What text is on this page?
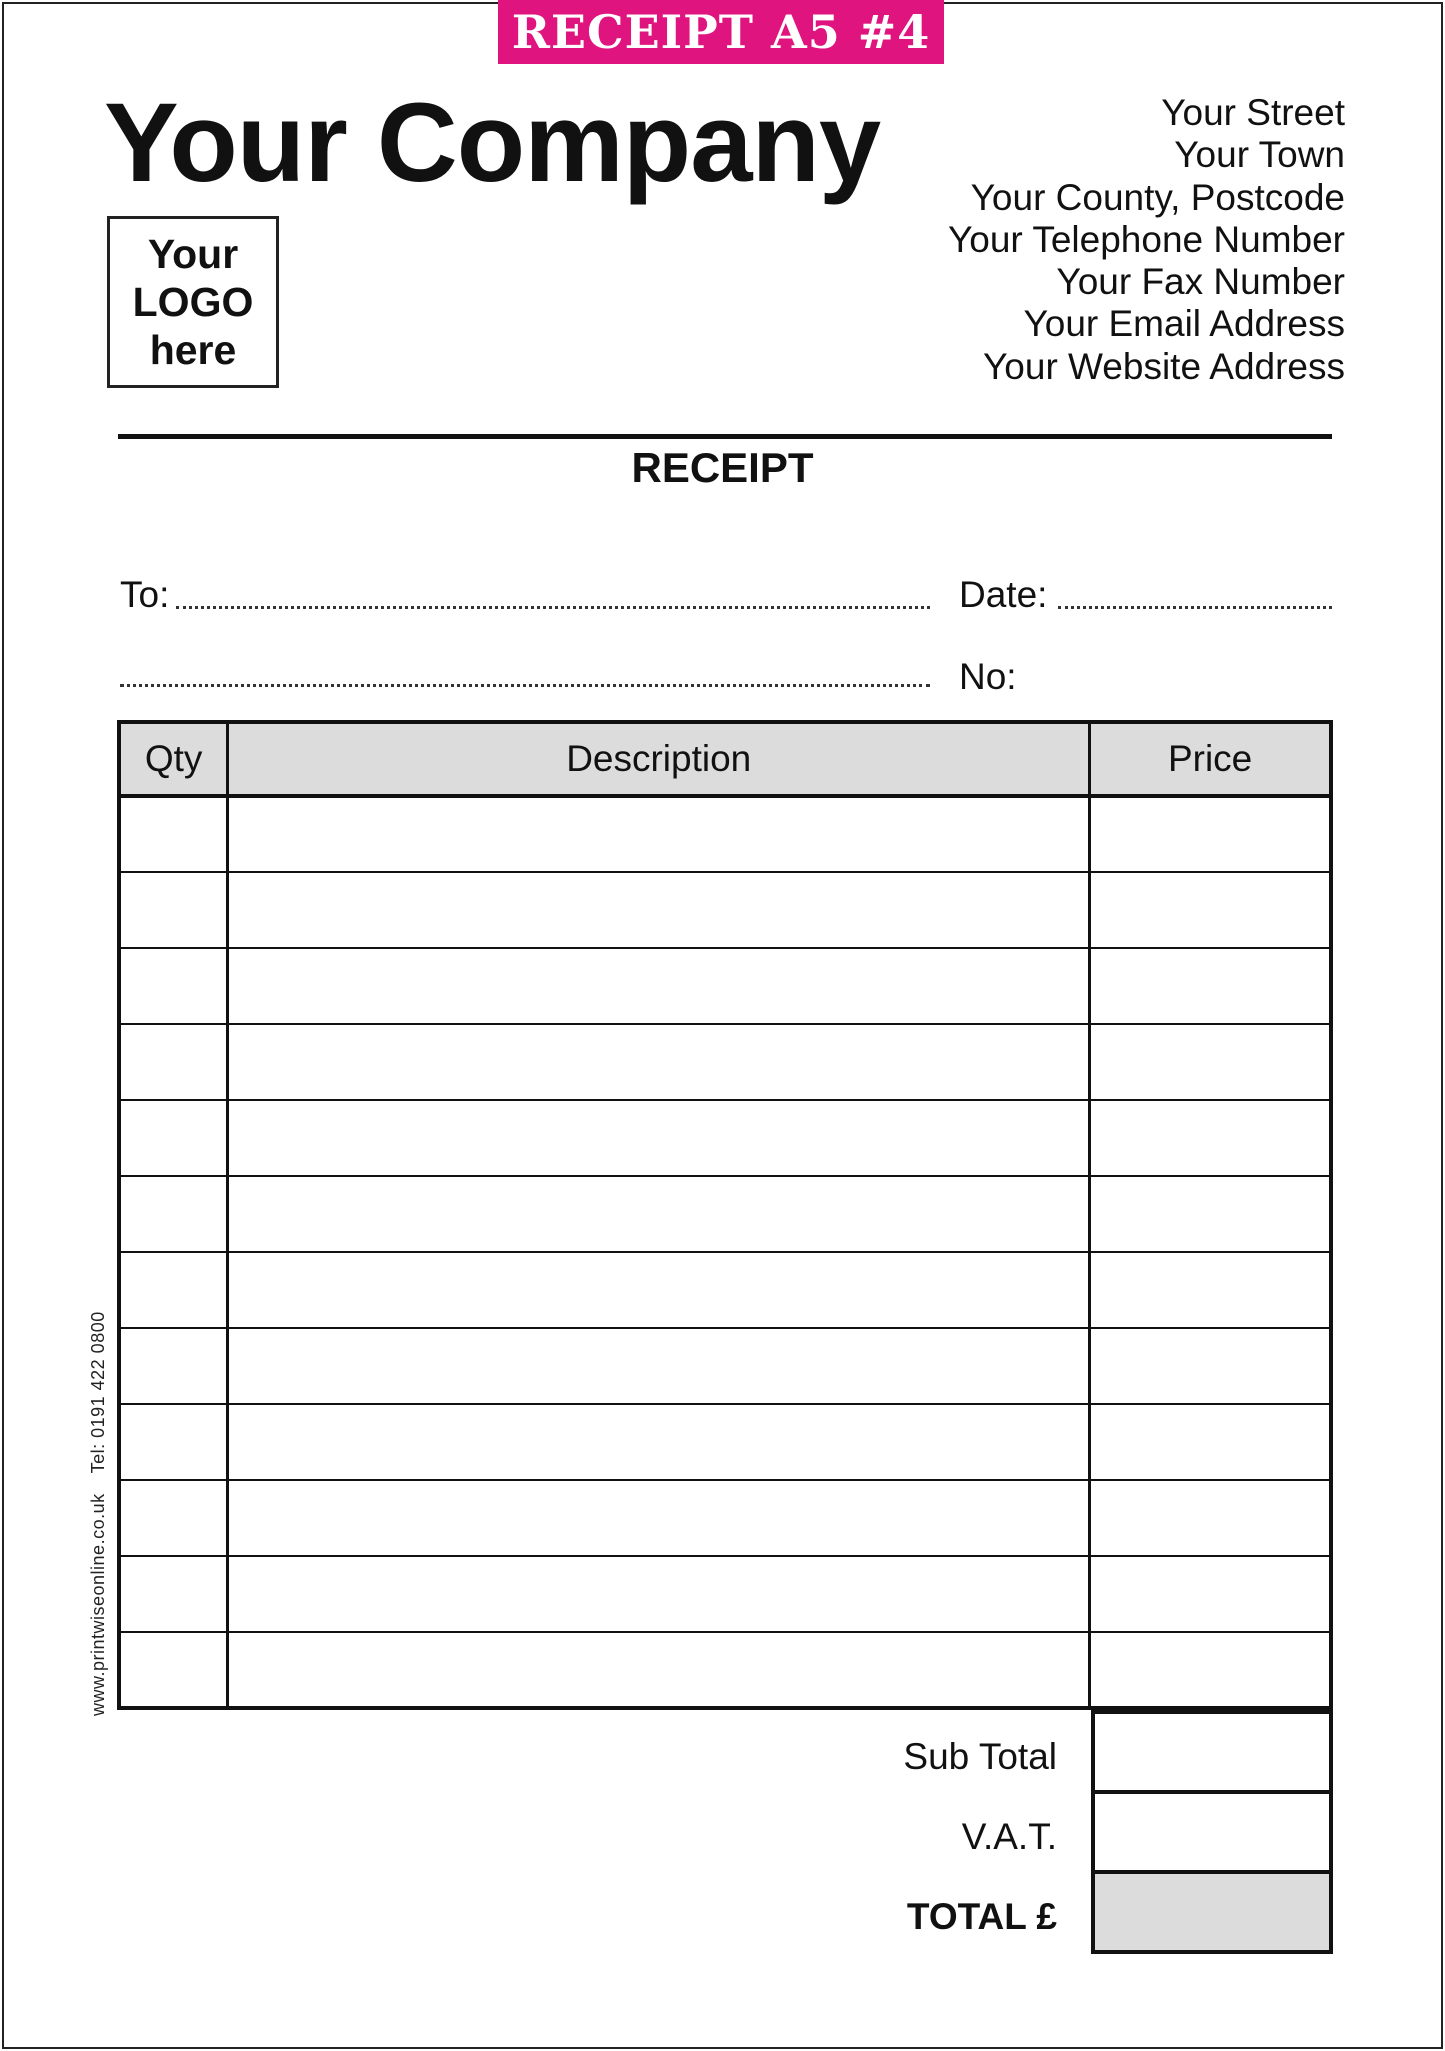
RECEIPT A5 #4
Your Company
Your
LOGO
here
Your Street
Your Town
Your County, Postcode
Your Telephone Number
Your Fax Number
Your Email Address
Your Website Address
RECEIPT
To:	Date:
No:
Qty	Description	Price

Sub Total
V.A.T.
TOTAL £
www.printwiseonline.co.ukTel: 0191 422 0800
